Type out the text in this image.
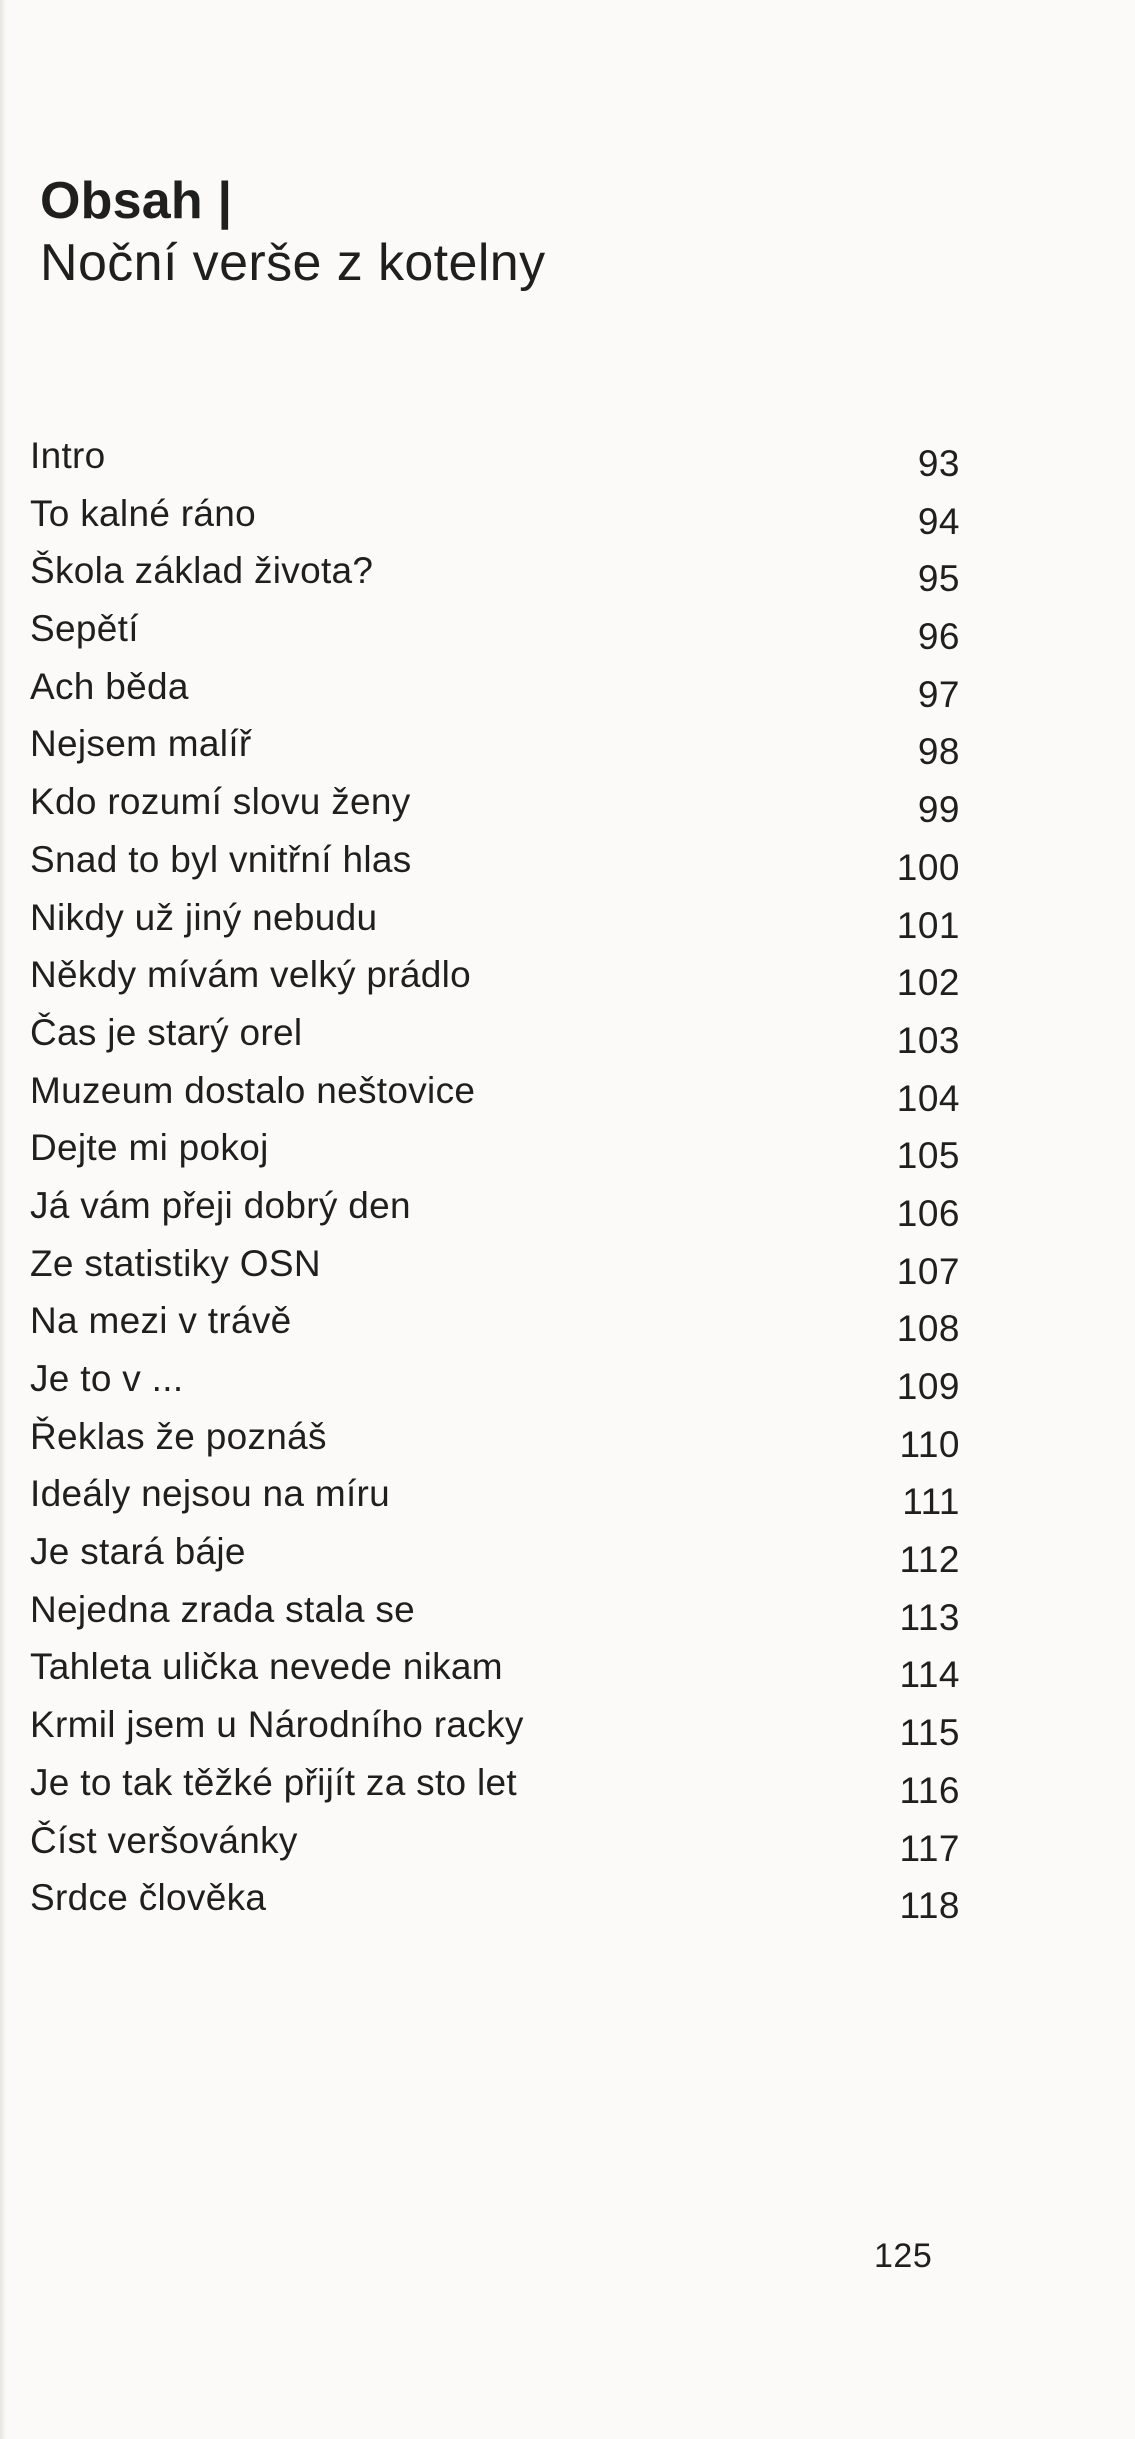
Obsah |
Noční verše z kotelny
Intro	93
To kalné ráno	94
Škola základ života?	95
Sepětí	96
Ach běda	97
Nejsem malíř	98
Kdo rozumí slovu ženy	99
Snad to byl vnitřní hlas	100
Nikdy už jiný nebudu	101
Někdy mívám velký prádlo	102
Čas je starý orel	103
Muzeum dostalo neštovice	104
Dejte mi pokoj	105
Já vám přeji dobrý den	106
Ze statistiky OSN	107
Na mezi v trávě	108
Je to v ...	109
Řeklas že poznáš	110
Ideály nejsou na míru	111
Je stará báje	112
Nejedna zrada stala se	113
Tahleta ulička nevede nikam	114
Krmil jsem u Národního racky	115
Je to tak těžké přijít za sto let	116
Číst veršovánky	117
Srdce člověka	118
125
